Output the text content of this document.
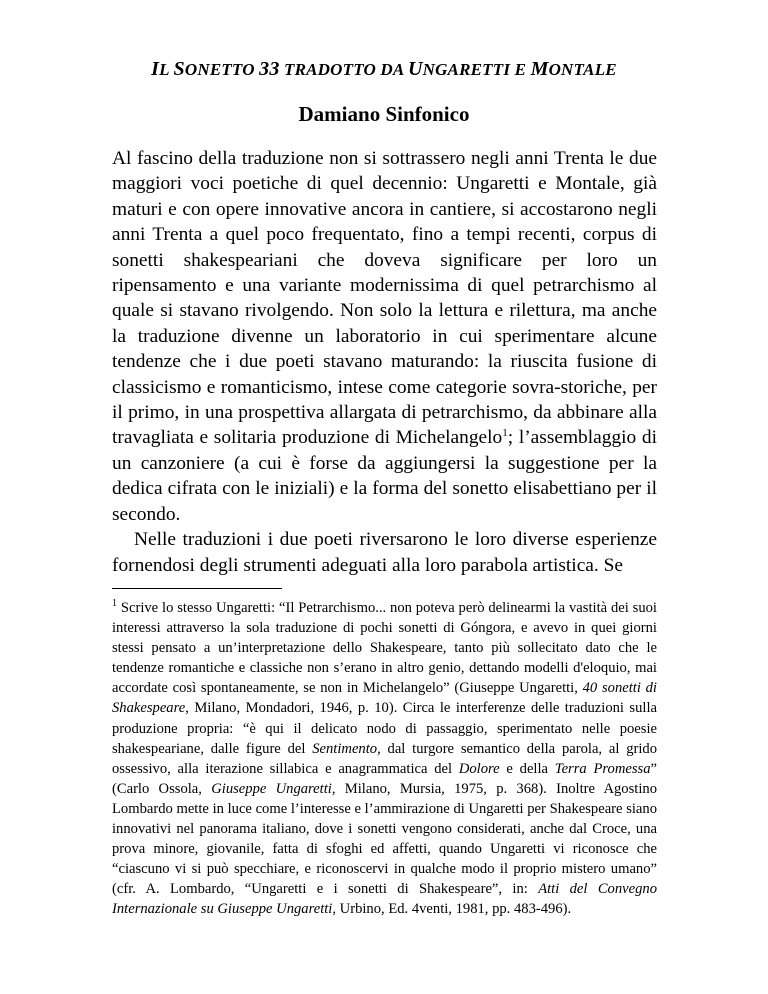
IL SONETTO 33 TRADOTTO DA UNGARETTI E MONTALE
Damiano Sinfonico

Al fascino della traduzione non si sottrassero negli anni Trenta le due maggiori voci poetiche di quel decennio: Ungaretti e Montale, già maturi e con opere innovative ancora in cantiere, si accostarono negli anni Trenta a quel poco frequentato, fino a tempi recenti, corpus di sonetti shakespeariani che doveva significare per loro un ripensamento e una variante modernissima di quel petrarchismo al quale si stavano rivolgendo. Non solo la lettura e rilettura, ma anche la traduzione divenne un laboratorio in cui sperimentare alcune tendenze che i due poeti stavano maturando: la riuscita fusione di classicismo e romanticismo, intese come categorie sovra-storiche, per il primo, in una prospettiva allargata di petrarchismo, da abbinare alla travagliata e solitaria produzione di Michelangelo$^1$; l’assemblaggio di un canzoniere (a cui è forse da aggiungersi la suggestione per la dedica cifrata con le iniziali) e la forma del sonetto elisabettiano per il secondo.

Nelle traduzioni i due poeti riversarono le loro diverse esperienze fornendosi degli strumenti adeguati alla loro parabola artistica. Se

$^1$ Scrive lo stesso Ungaretti: “Il Petrarchismo... non poteva però delinearmi la vastità dei suoi interessi attraverso la sola traduzione di pochi sonetti di Góngora, e avevo in quei giorni stessi pensato a un’interpretazione dello Shakespeare, tanto più sollecitato dato che le tendenze romantiche e classiche non s’erano in altro genio, dettando modelli d'eloquio, mai accordate così spontaneamente, se non in Michelangelo” (Giuseppe Ungaretti, 40 sonetti di Shakespeare, Milano, Mondadori, 1946, p. 10). Circa le interferenze delle traduzioni sulla produzione propria: “è qui il delicato nodo di passaggio, sperimentato nelle poesie shakespeariane, dalle figure del Sentimento, dal turgore semantico della parola, al grido ossessivo, alla iterazione sillabica e anagrammatica del Dolore e della Terra Promessa” (Carlo Ossola, Giuseppe Ungaretti, Milano, Mursia, 1975, p. 368). Inoltre Agostino Lombardo mette in luce come l’interesse e l’ammirazione di Ungaretti per Shakespeare siano innovativi nel panorama italiano, dove i sonetti vengono considerati, anche dal Croce, una prova minore, giovanile, fatta di sfoghi ed affetti, quando Ungaretti vi riconosce che “ciascuno vi si può specchiare, e riconoscervi in qualche modo il proprio mistero umano” (cfr. A. Lombardo, “Ungaretti e i sonetti di Shakespeare”, in: Atti del Convegno Internazionale su Giuseppe Ungaretti, Urbino, Ed. 4venti, 1981, pp. 483-496).
